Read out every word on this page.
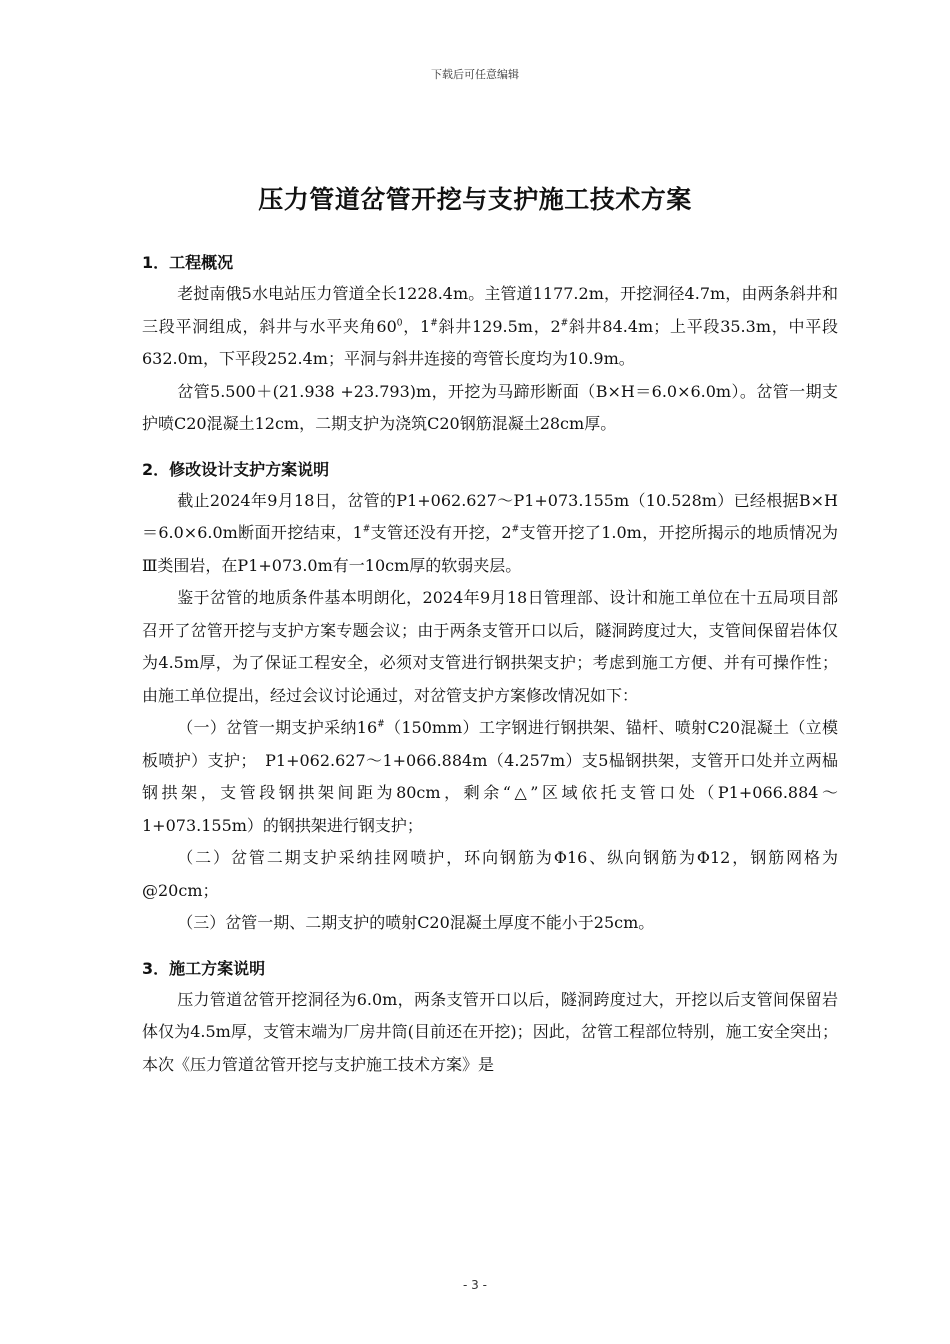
下载后可任意编辑
压力管道岔管开挖与支护施工技术方案
1．工程概况

老挝南俄5水电站压力管道全长1228.4m。主管道1177.2m，开挖洞径4.7m，由两条斜井和三段平洞组成，斜井与水平夹角$60^0$，1#斜井129.5m，2#斜井84.4m；上平段35.3m，中平段632.0m，下平段252.4m；平洞与斜井连接的弯管长度均为10.9m。

岔管5.500＋(21.938 +23.793)m，开挖为马蹄形断面（B×H＝6.0×6.0m）。岔管一期支护喷C20混凝土12cm，二期支护为浇筑C20钢筋混凝土28cm厚。

2．修改设计支护方案说明

截止2024年9月18日，岔管的P1+062.627～P1+073.155m（10.528m）已经根据B×H＝6.0×6.0m断面开挖结束，1#支管还没有开挖，2#支管开挖了1.0m，开挖所揭示的地质情况为Ⅲ类围岩，在P1+073.0m有一10cm厚的软弱夹层。

鉴于岔管的地质条件基本明朗化，2024年9月18日管理部、设计和施工单位在十五局项目部召开了岔管开挖与支护方案专题会议；由于两条支管开口以后，隧洞跨度过大，支管间保留岩体仅为4.5m厚，为了保证工程安全，必须对支管进行钢拱架支护；考虑到施工方便、并有可操作性；由施工单位提出，经过会议讨论通过，对岔管支护方案修改情况如下：

（一）岔管一期支护采纳16#（150mm）工字钢进行钢拱架、锚杆、喷射C20混凝土（立模板喷护）支护；　P1+062.627～1+066.884m（4.257m）支5榀钢拱架，支管开口处并立两榀钢拱架，支管段钢拱架间距为80cm，剩余“△”区域依托支管口处（P1+066.884～1+073.155m）的钢拱架进行钢支护；

（二）岔管二期支护采纳挂网喷护，环向钢筋为Φ16、纵向钢筋为Φ12，钢筋网格为@20cm；

（三）岔管一期、二期支护的喷射C20混凝土厚度不能小于25cm。

3．施工方案说明

压力管道岔管开挖洞径为6.0m，两条支管开口以后，隧洞跨度过大，开挖以后支管间保留岩体仅为4.5m厚，支管末端为厂房井筒(目前还在开挖)；因此，岔管工程部位特别，施工安全突出；本次《压力管道岔管开挖与支护施工技术方案》是

- 3 -
